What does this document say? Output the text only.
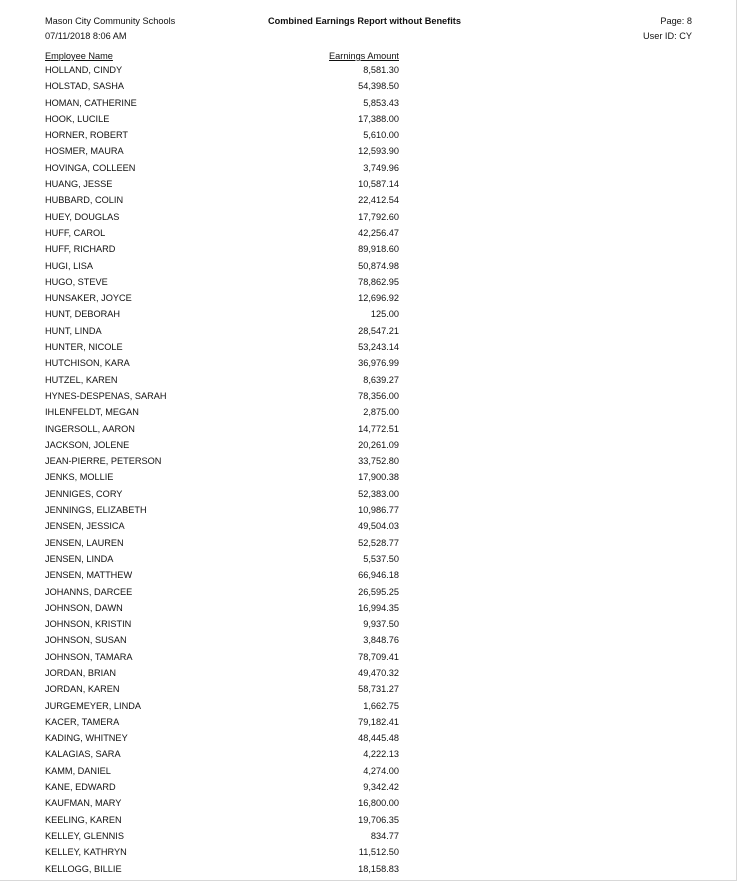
Mason City Community Schools
07/11/2018 8:06 AM
Combined Earnings Report without Benefits	Page: 8
User ID: CY
Employee Name	Earnings Amount
HOLLAND, CINDY	8,581.30
HOLSTAD, SASHA	54,398.50
HOMAN, CATHERINE	5,853.43
HOOK, LUCILE	17,388.00
HORNER, ROBERT	5,610.00
HOSMER, MAURA	12,593.90
HOVINGA, COLLEEN	3,749.96
HUANG, JESSE	10,587.14
HUBBARD, COLIN	22,412.54
HUEY, DOUGLAS	17,792.60
HUFF, CAROL	42,256.47
HUFF, RICHARD	89,918.60
HUGI, LISA	50,874.98
HUGO, STEVE	78,862.95
HUNSAKER, JOYCE	12,696.92
HUNT, DEBORAH	125.00
HUNT, LINDA	28,547.21
HUNTER, NICOLE	53,243.14
HUTCHISON, KARA	36,976.99
HUTZEL, KAREN	8,639.27
HYNES-DESPENAS, SARAH	78,356.00
IHLENFELDT, MEGAN	2,875.00
INGERSOLL, AARON	14,772.51
JACKSON, JOLENE	20,261.09
JEAN-PIERRE, PETERSON	33,752.80
JENKS, MOLLIE	17,900.38
JENNIGES, CORY	52,383.00
JENNINGS, ELIZABETH	10,986.77
JENSEN, JESSICA	49,504.03
JENSEN, LAUREN	52,528.77
JENSEN, LINDA	5,537.50
JENSEN, MATTHEW	66,946.18
JOHANNS, DARCEE	26,595.25
JOHNSON, DAWN	16,994.35
JOHNSON, KRISTIN	9,937.50
JOHNSON, SUSAN	3,848.76
JOHNSON, TAMARA	78,709.41
JORDAN, BRIAN	49,470.32
JORDAN, KAREN	58,731.27
JURGEMEYER, LINDA	1,662.75
KACER, TAMERA	79,182.41
KADING, WHITNEY	48,445.48
KALAGIAS, SARA	4,222.13
KAMM, DANIEL	4,274.00
KANE, EDWARD	9,342.42
KAUFMAN, MARY	16,800.00
KEELING, KAREN	19,706.35
KELLEY, GLENNIS	834.77
KELLEY, KATHRYN	11,512.50
KELLOGG, BILLIE	18,158.83
